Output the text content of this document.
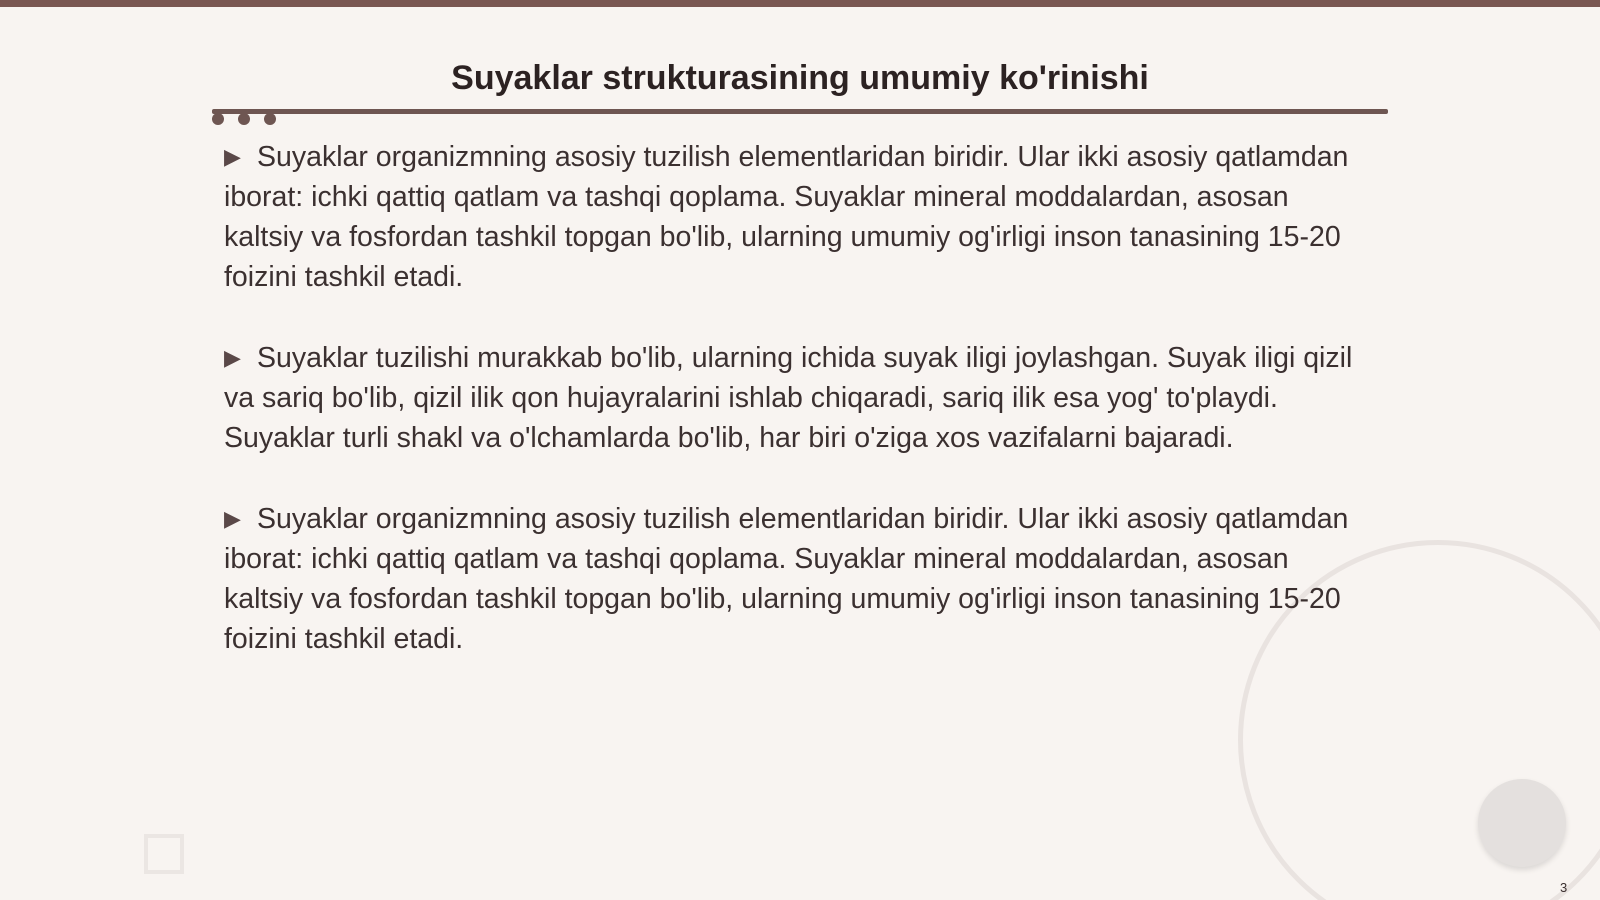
Suyaklar strukturasining umumiy ko'rinishi

▶ Suyaklar organizmning asosiy tuzilish elementlaridan biridir. Ular ikki asosiy qatlamdan iborat: ichki qattiq qatlam va tashqi qoplama. Suyaklar mineral moddalardan, asosan kaltsiy va fosfordan tashkil topgan bo'lib, ularning umumiy og'irligi inson tanasining 15-20 foizini tashkil etadi.

▶ Suyaklar tuzilishi murakkab bo'lib, ularning ichida suyak iligi joylashgan. Suyak iligi qizil va sariq bo'lib, qizil ilik qon hujayralarini ishlab chiqaradi, sariq ilik esa yog' to'playdi. Suyaklar turli shakl va o'lchamlarda bo'lib, har biri o'ziga xos vazifalarni bajaradi.

▶ Suyaklar organizmning asosiy tuzilish elementlaridan biridir. Ular ikki asosiy qatlamdan iborat: ichki qattiq qatlam va tashqi qoplama. Suyaklar mineral moddalardan, asosan kaltsiy va fosfordan tashkil topgan bo'lib, ularning umumiy og'irligi inson tanasining 15-20 foizini tashkil etadi.

3
